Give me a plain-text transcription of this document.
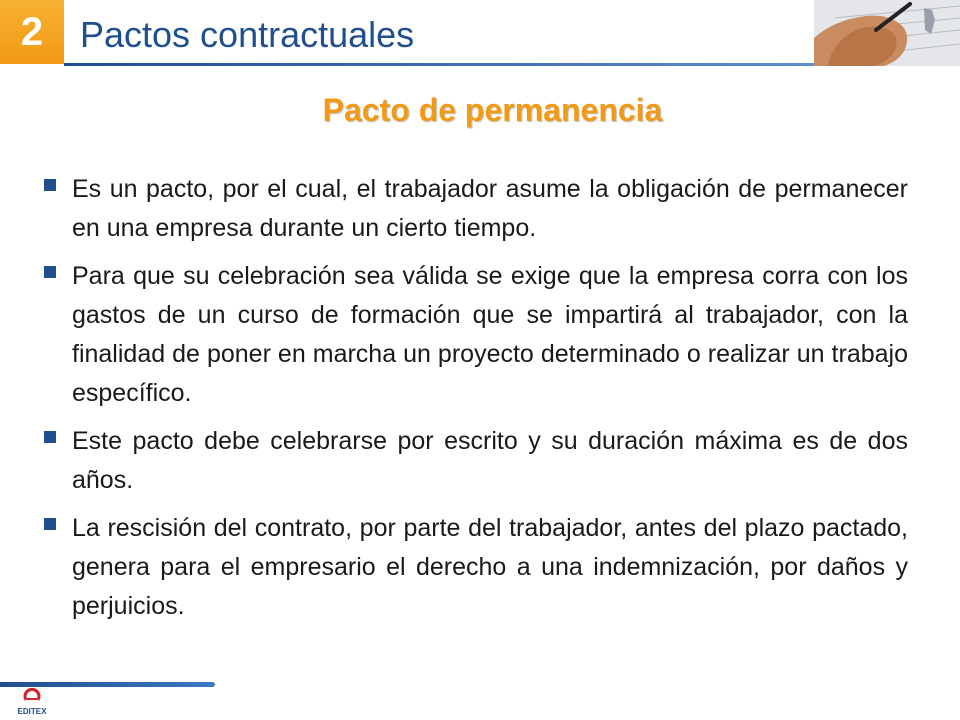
2 Pactos contractuales
Pacto de permanencia
Es un pacto, por el cual, el trabajador asume la obligación de permanecer en una empresa durante un cierto tiempo.
Para que su celebración sea válida se exige que la empresa corra con los gastos de un curso de formación que se impartirá al trabajador, con la finalidad de poner en marcha un proyecto determinado o realizar un trabajo específico.
Este pacto debe celebrarse por escrito y su duración máxima es de dos años.
La rescisión del contrato, por parte del trabajador, antes del plazo pactado, genera para el empresario el derecho a una indemnización, por daños y perjuicios.
EDITEX
